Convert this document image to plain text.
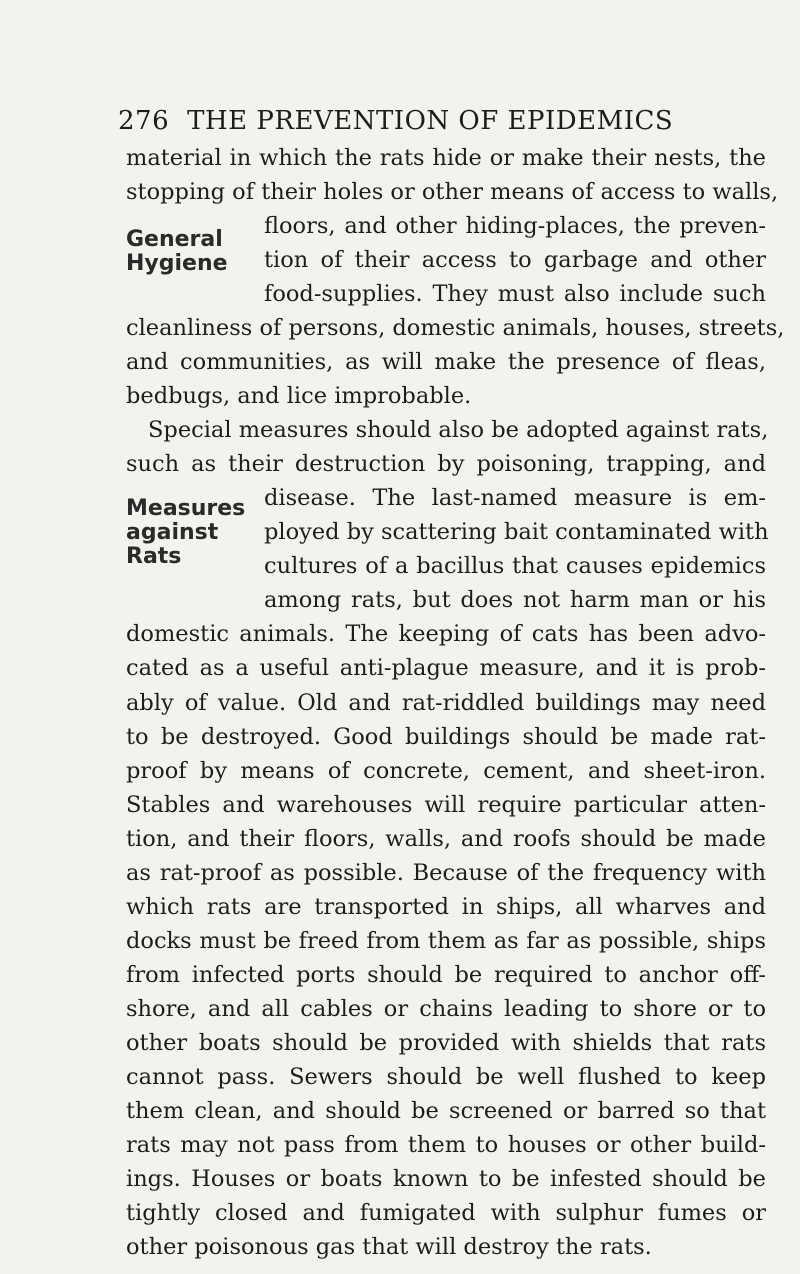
276 THE PREVENTION OF EPIDEMICS
General
Hygiene
Measures
against
Rats
material in which the rats hide or make their nests, the
stopping of their holes or other means of access to walls,
floors, and other hiding-places, the preven-
tion of their access to garbage and other
food-supplies. They must also include such
cleanliness of persons, domestic animals, houses, streets,
and communities, as will make the presence of fleas,
bedbugs, and lice improbable.
Special measures should also be adopted against rats,
such as their destruction by poisoning, trapping, and
disease. The last-named measure is em-
ployed by scattering bait contaminated with
cultures of a bacillus that causes epidemics
among rats, but does not harm man or his
domestic animals. The keeping of cats has been advo-
cated as a useful anti-plague measure, and it is prob-
ably of value. Old and rat-riddled buildings may need
to be destroyed. Good buildings should be made rat-
proof by means of concrete, cement, and sheet-iron.
Stables and warehouses will require particular atten-
tion, and their floors, walls, and roofs should be made
as rat-proof as possible. Because of the frequency with
which rats are transported in ships, all wharves and
docks must be freed from them as far as possible, ships
from infected ports should be required to anchor off-
shore, and all cables or chains leading to shore or to
other boats should be provided with shields that rats
cannot pass. Sewers should be well flushed to keep
them clean, and should be screened or barred so that
rats may not pass from them to houses or other build-
ings. Houses or boats known to be infested should be
tightly closed and fumigated with sulphur fumes or
other poisonous gas that will destroy the rats.
